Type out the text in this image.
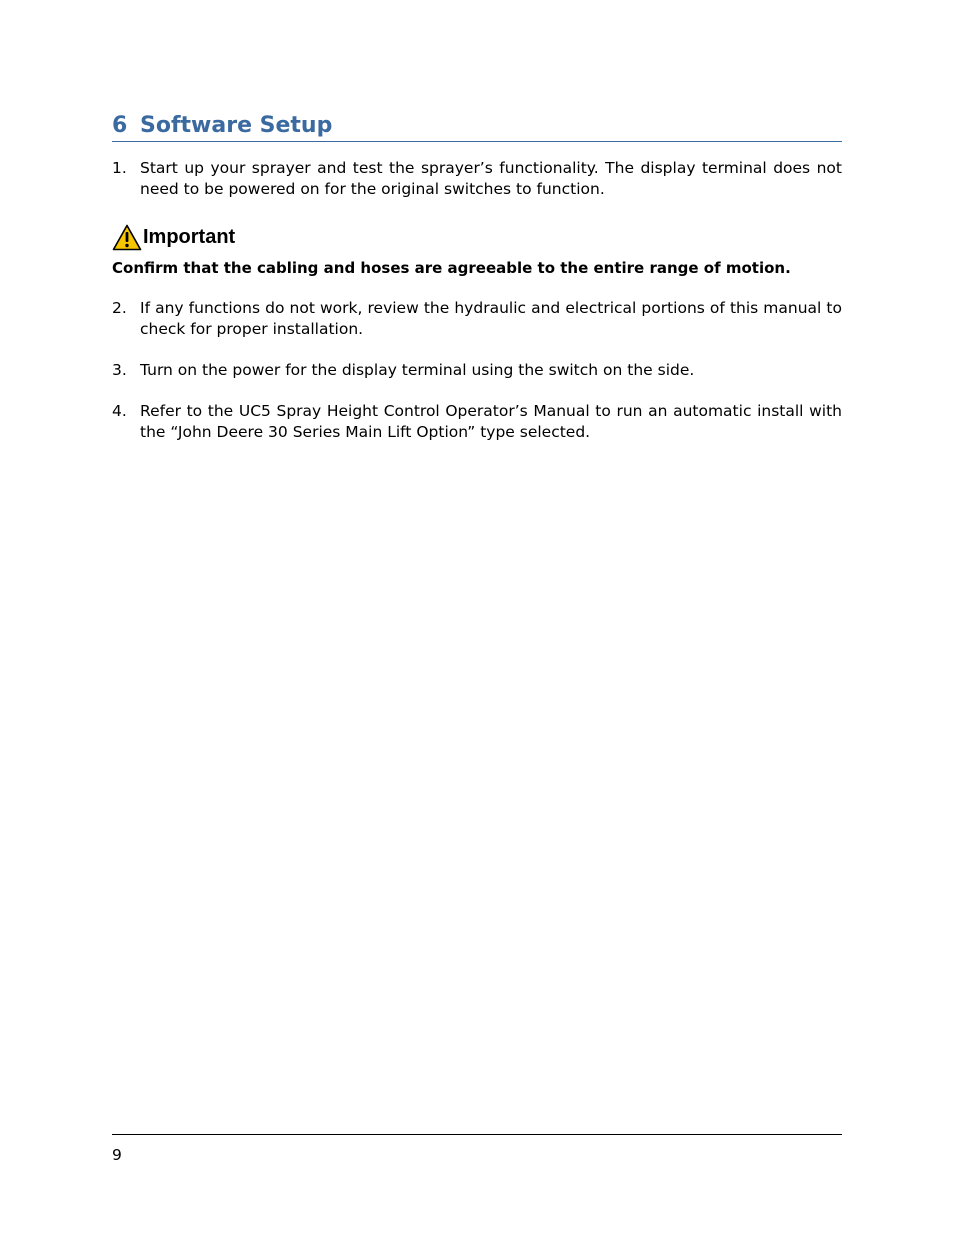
6 Software Setup
1. Start up your sprayer and test the sprayer’s functionality. The display terminal does not need to be powered on for the original switches to function.
Important
Confirm that the cabling and hoses are agreeable to the entire range of motion.
2. If any functions do not work, review the hydraulic and electrical portions of this manual to check for proper installation.
3. Turn on the power for the display terminal using the switch on the side.
4. Refer to the UC5 Spray Height Control Operator’s Manual to run an automatic install with the “John Deere 30 Series Main Lift Option” type selected.
9
